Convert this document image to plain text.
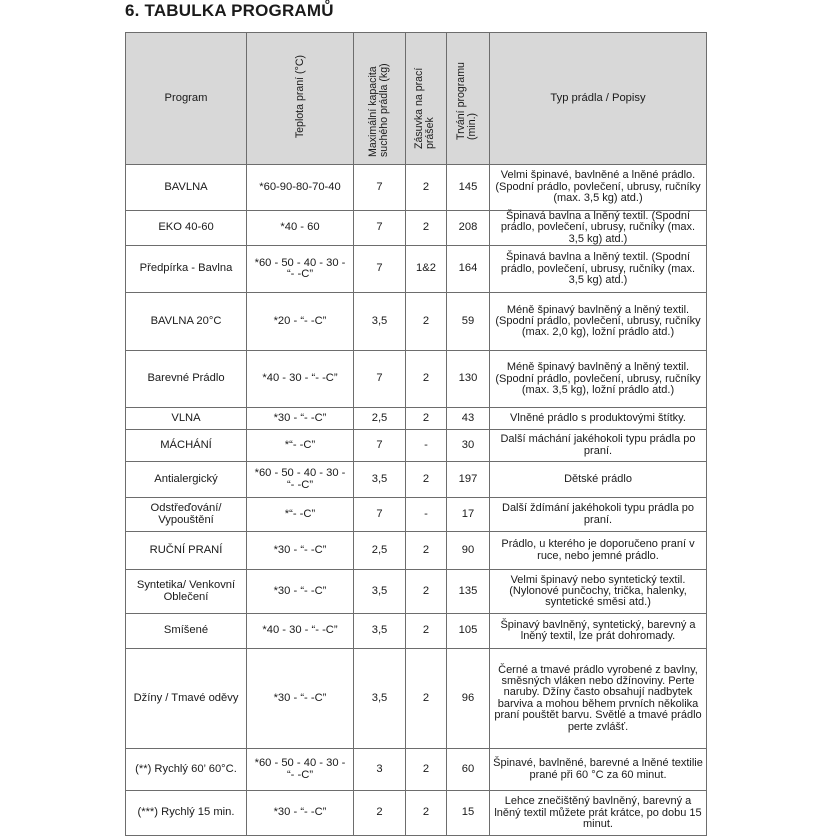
6. TABULKA PROGRAMŮ
Program	Teplota praní (°C)	Maximální kapacita suchého prádla (kg)	Zásuvka na prací prášek	Trvání programu (min.)	Typ prádla / Popisy
BAVLNA	*60-90-80-70-40	7	2	145	Velmi špinavé, bavlněné a lněné prádlo. (Spodní prádlo, povlečení, ubrusy, ručníky (max. 3,5 kg) atd.)
EKO 40-60	*40 - 60	7	2	208	Špinavá bavlna a lněný textil. (Spodní prádlo, povlečení, ubrusy, ručníky (max. 3,5 kg) atd.)
Předpírka - Bavlna	*60 - 50 - 40 - 30 - “- -C”	7	1&2	164	Špinavá bavlna a lněný textil. (Spodní prádlo, povlečení, ubrusy, ručníky (max. 3,5 kg) atd.)
BAVLNA 20°C	*20 - “- -C”	3,5	2	59	Méně špinavý bavlněný a lněný textil. (Spodní prádlo, povlečení, ubrusy, ručníky (max. 2,0 kg), ložní prádlo atd.)
Barevné Prádlo	*40 - 30 - “- -C”	7	2	130	Méně špinavý bavlněný a lněný textil. (Spodní prádlo, povlečení, ubrusy, ručníky (max. 3,5 kg), ložní prádlo atd.)
VLNA	*30 - “- -C”	2,5	2	43	Vlněné prádlo s produktovými štítky.
MÁCHÁNÍ	*“- -C”	7	-	30	Další máchání jakéhokoli typu prádla po praní.
Antialergický	*60 - 50 - 40 - 30 - “- -C”	3,5	2	197	Dětské prádlo
Odstřeďování/ Vypouštění	*“- -C”	7	-	17	Další ždímání jakéhokoli typu prádla po praní.
RUČNÍ PRANÍ	*30 - “- -C”	2,5	2	90	Prádlo, u kterého je doporučeno praní v ruce, nebo jemné prádlo.
Syntetika/ Venkovní Oblečení	*30 - “- -C”	3,5	2	135	Velmi špinavý nebo syntetický textil. (Nylonové punčochy, trička, halenky, syntetické směsi atd.)
Smíšené	*40 - 30 - “- -C”	3,5	2	105	Špinavý bavlněný, syntetický, barevný a lněný textil, lze prát dohromady.
Džíny / Tmavé oděvy	*30 - “- -C”	3,5	2	96	Černé a tmavé prádlo vyrobené z bavlny, směsných vláken nebo džínoviny. Perte naruby. Džíny často obsahují nadbytek barviva a mohou během prvních několika praní pouštět barvu. Světlé a tmavé prádlo perte zvlášť.
(**) Rychlý 60’ 60°C.	*60 - 50 - 40 - 30 - “- -C”	3	2	60	Špinavé, bavlněné, barevné a lněné textilie prané při 60 °C za 60 minut.
(***) Rychlý 15 min.	*30 - “- -C”	2	2	15	Lehce znečištěný bavlněný, barevný a lněný textil můžete prát krátce, po dobu 15 minut.
